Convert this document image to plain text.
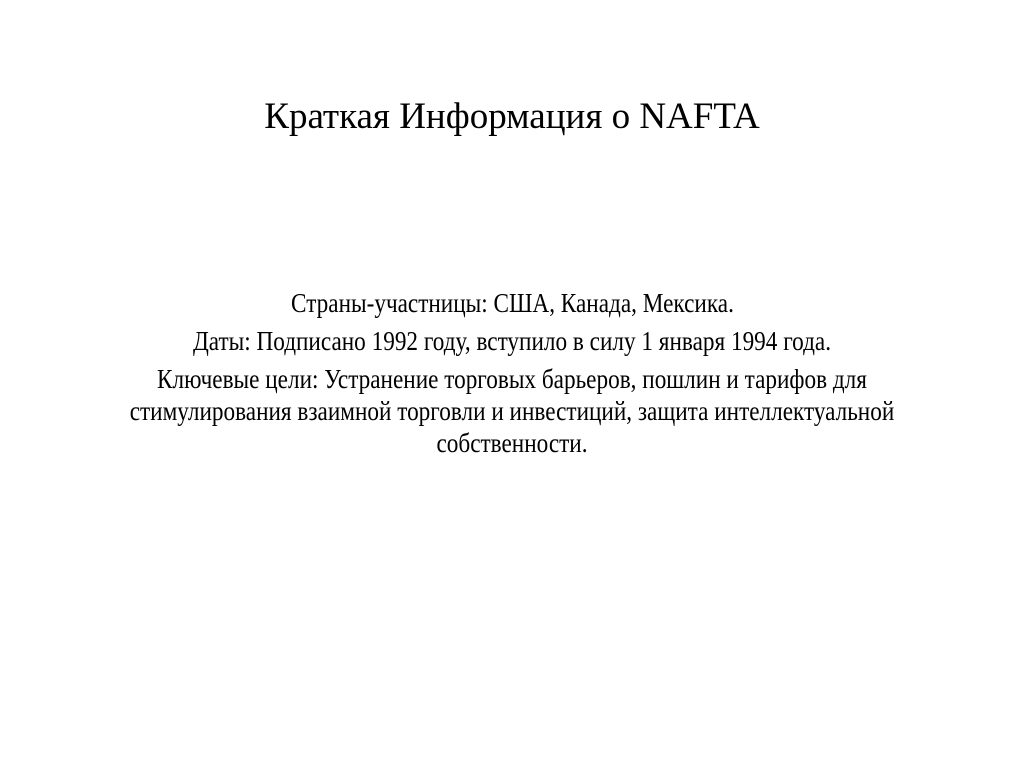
Краткая Информация о NAFTA

Страны-участницы: США, Канада, Мексика.

Даты: Подписано 1992 году, вступило в силу 1 января 1994 года.

Ключевые цели: Устранение торговых барьеров, пошлин и тарифов для
стимулирования взаимной торговли и инвестиций, защита интеллектуальной
собственности.
